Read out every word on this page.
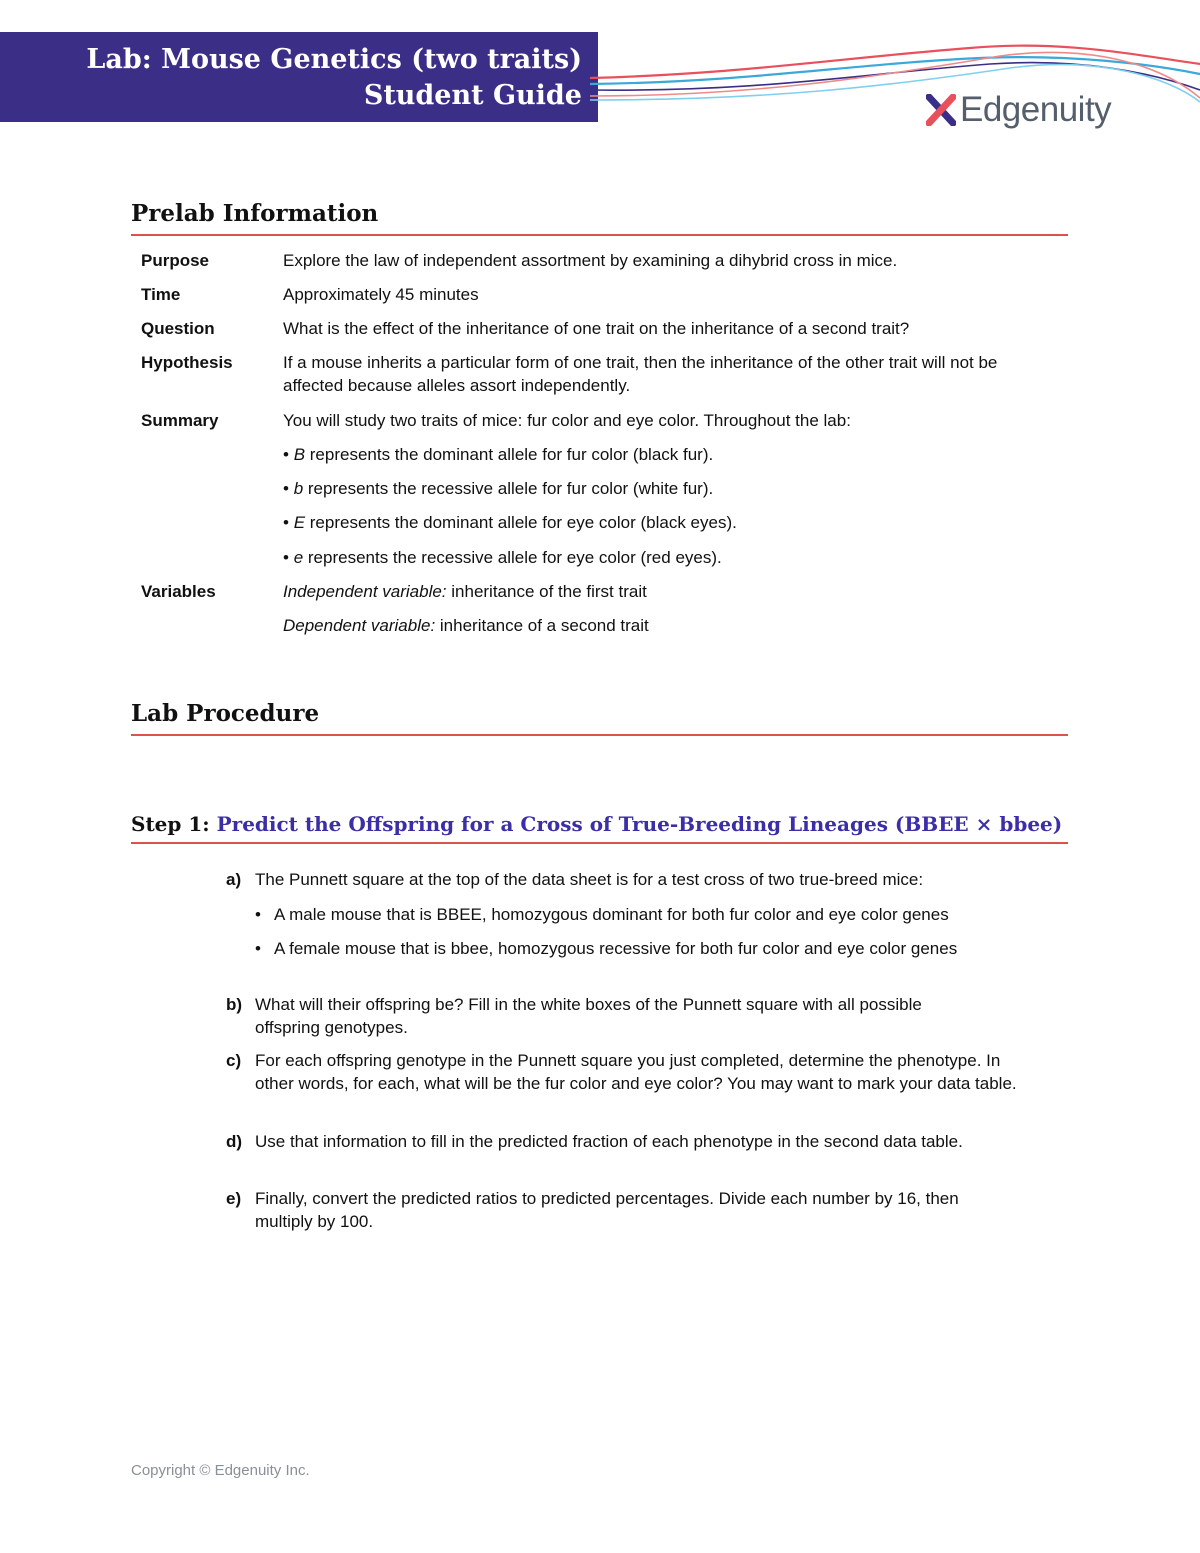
Lab: Mouse Genetics (two traits)
Student Guide	Edgenuity
Prelab Information
Purpose	Explore the law of independent assortment by examining a dihybrid cross in mice.
Time	Approximately 45 minutes
Question	What is the effect of the inheritance of one trait on the inheritance of a second trait?
Hypothesis	If a mouse inherits a particular form of one trait, then the inheritance of the other trait will not be affected because alleles assort independently.
Summary	You will study two traits of mice: fur color and eye color. Throughout the lab:
• B represents the dominant allele for fur color (black fur).
• b represents the recessive allele for fur color (white fur).
• E represents the dominant allele for eye color (black eyes).
• e represents the recessive allele for eye color (red eyes).
Variables	Independent variable: inheritance of the first trait
Dependent variable: inheritance of a second trait
Lab Procedure
Step 1: Predict the Offspring for a Cross of True-Breeding Lineages (BBEE × bbee)
a) The Punnett square at the top of the data sheet is for a test cross of two true-breed mice:
• A male mouse that is BBEE, homozygous dominant for both fur color and eye color genes
• A female mouse that is bbee, homozygous recessive for both fur color and eye color genes
b) What will their offspring be? Fill in the white boxes of the Punnett square with all possible offspring genotypes.
c) For each offspring genotype in the Punnett square you just completed, determine the phenotype. In other words, for each, what will be the fur color and eye color? You may want to mark your data table.
d) Use that information to fill in the predicted fraction of each phenotype in the second data table.
e) Finally, convert the predicted ratios to predicted percentages. Divide each number by 16, then multiply by 100.
Copyright © Edgenuity Inc.
